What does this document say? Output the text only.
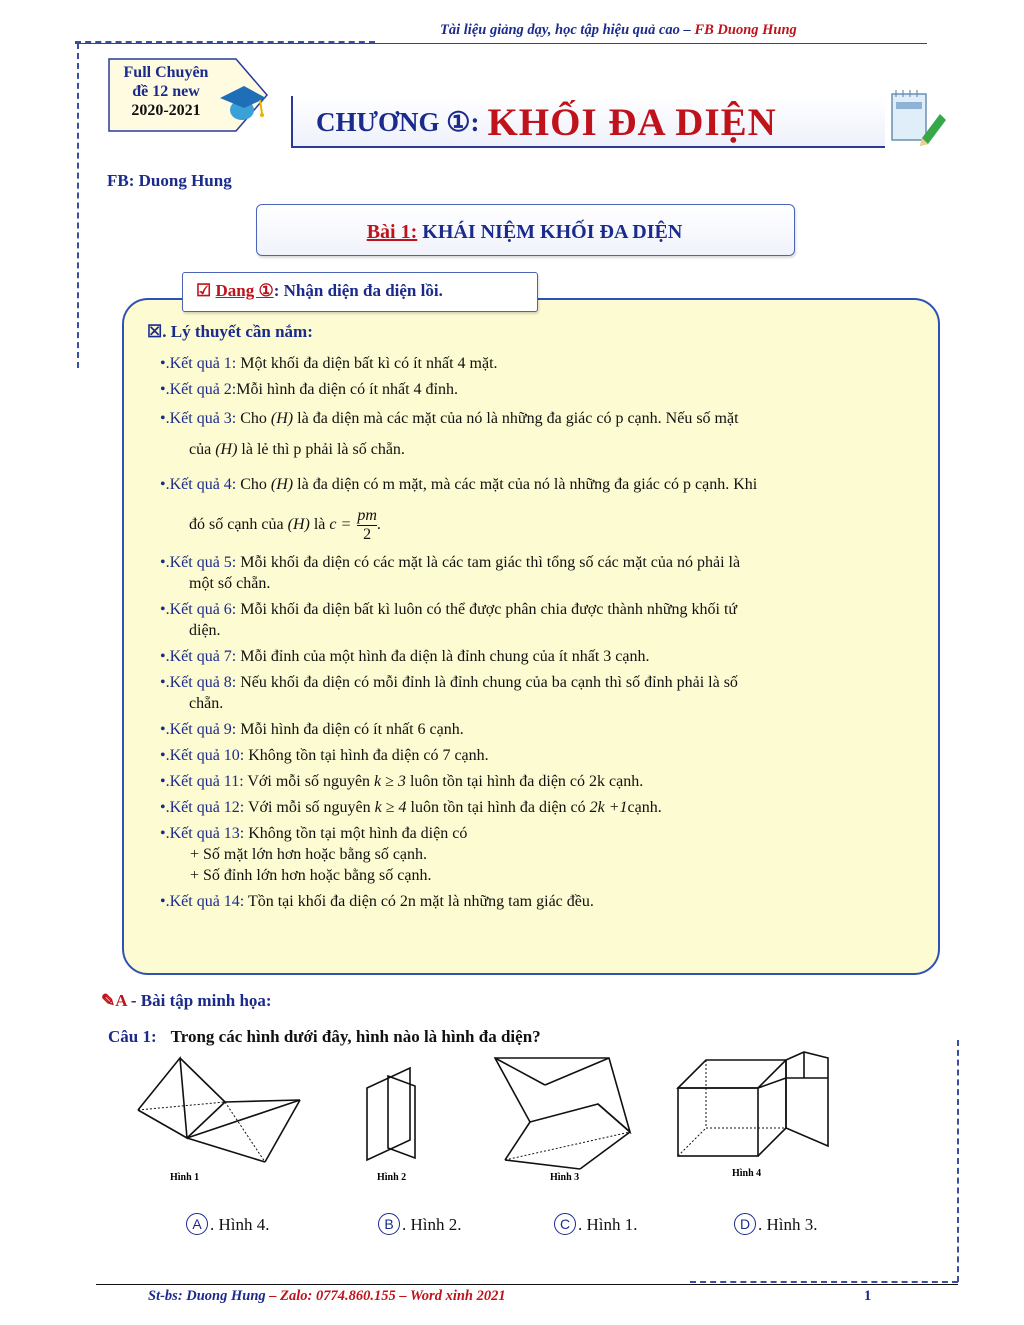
Tài liệu giảng dạy, học tập hiệu quả cao – FB Duong Hung
Full Chuyên
đề 12 new
2020-2021	CHƯƠNG ①: KHỐI ĐA DIỆN
FB: Duong Hung
Bài 1: KHÁI NIỆM KHỐI ĐA DIỆN
☑ Dang ①: Nhận diện đa diện lồi.
☒. Lý thuyết cần nắm:
•.Kết quả 1: Một khối đa diện bất kì có ít nhất 4 mặt.
•.Kết quả 2:Mỗi hình đa diện có ít nhất 4 đỉnh.
•.Kết quả 3: Cho (H) là đa diện mà các mặt của nó là những đa giác có p cạnh. Nếu số mặt
của (H) là lẻ thì p phải là số chẵn.
•.Kết quả 4: Cho (H) là đa diện có m mặt, mà các mặt của nó là những đa giác có p cạnh. Khi
đó số cạnh của (H) là $c = \frac{pm}{2}$ .
•.Kết quả 5: Mỗi khối đa diện có các mặt là các tam giác thì tổng số các mặt của nó phải là
một số chẵn.
•.Kết quả 6: Mỗi khối đa diện bất kì luôn có thể được phân chia được thành những khối tứ
diện.
•.Kết quả 7: Mỗi đỉnh của một hình đa diện là đỉnh chung của ít nhất 3 cạnh.
•.Kết quả 8: Nếu khối đa diện có mỗi đỉnh là đỉnh chung của ba cạnh thì số đỉnh phải là số
chẵn.
•.Kết quả 9: Mỗi hình đa diện có ít nhất 6 cạnh.
•.Kết quả 10: Không tồn tại hình đa diện có 7 cạnh.
•.Kết quả 11: Với mỗi số nguyên k ≥ 3 luôn tồn tại hình đa diện có 2k cạnh.
•.Kết quả 12: Với mỗi số nguyên k ≥ 4 luôn tồn tại hình đa diện có 2k +1cạnh.
•.Kết quả 13: Không tồn tại một hình đa diện có
+ Số mặt lớn hơn hoặc bằng số cạnh.
+ Số đỉnh lớn hơn hoặc bằng số cạnh.
•.Kết quả 14: Tồn tại khối đa diện có 2n mặt là những tam giác đều.
✎A - Bài tập minh họa:
Câu 1: Trong các hình dưới đây, hình nào là hình đa diện?
Hình 1	Hình 2	Hình 3	Hình 4
A . Hình 4.	B . Hình 2.	C . Hình 1.	D . Hình 3.
St-bs: Duong Hung – Zalo: 0774.860.155 – Word xinh 2021	1
